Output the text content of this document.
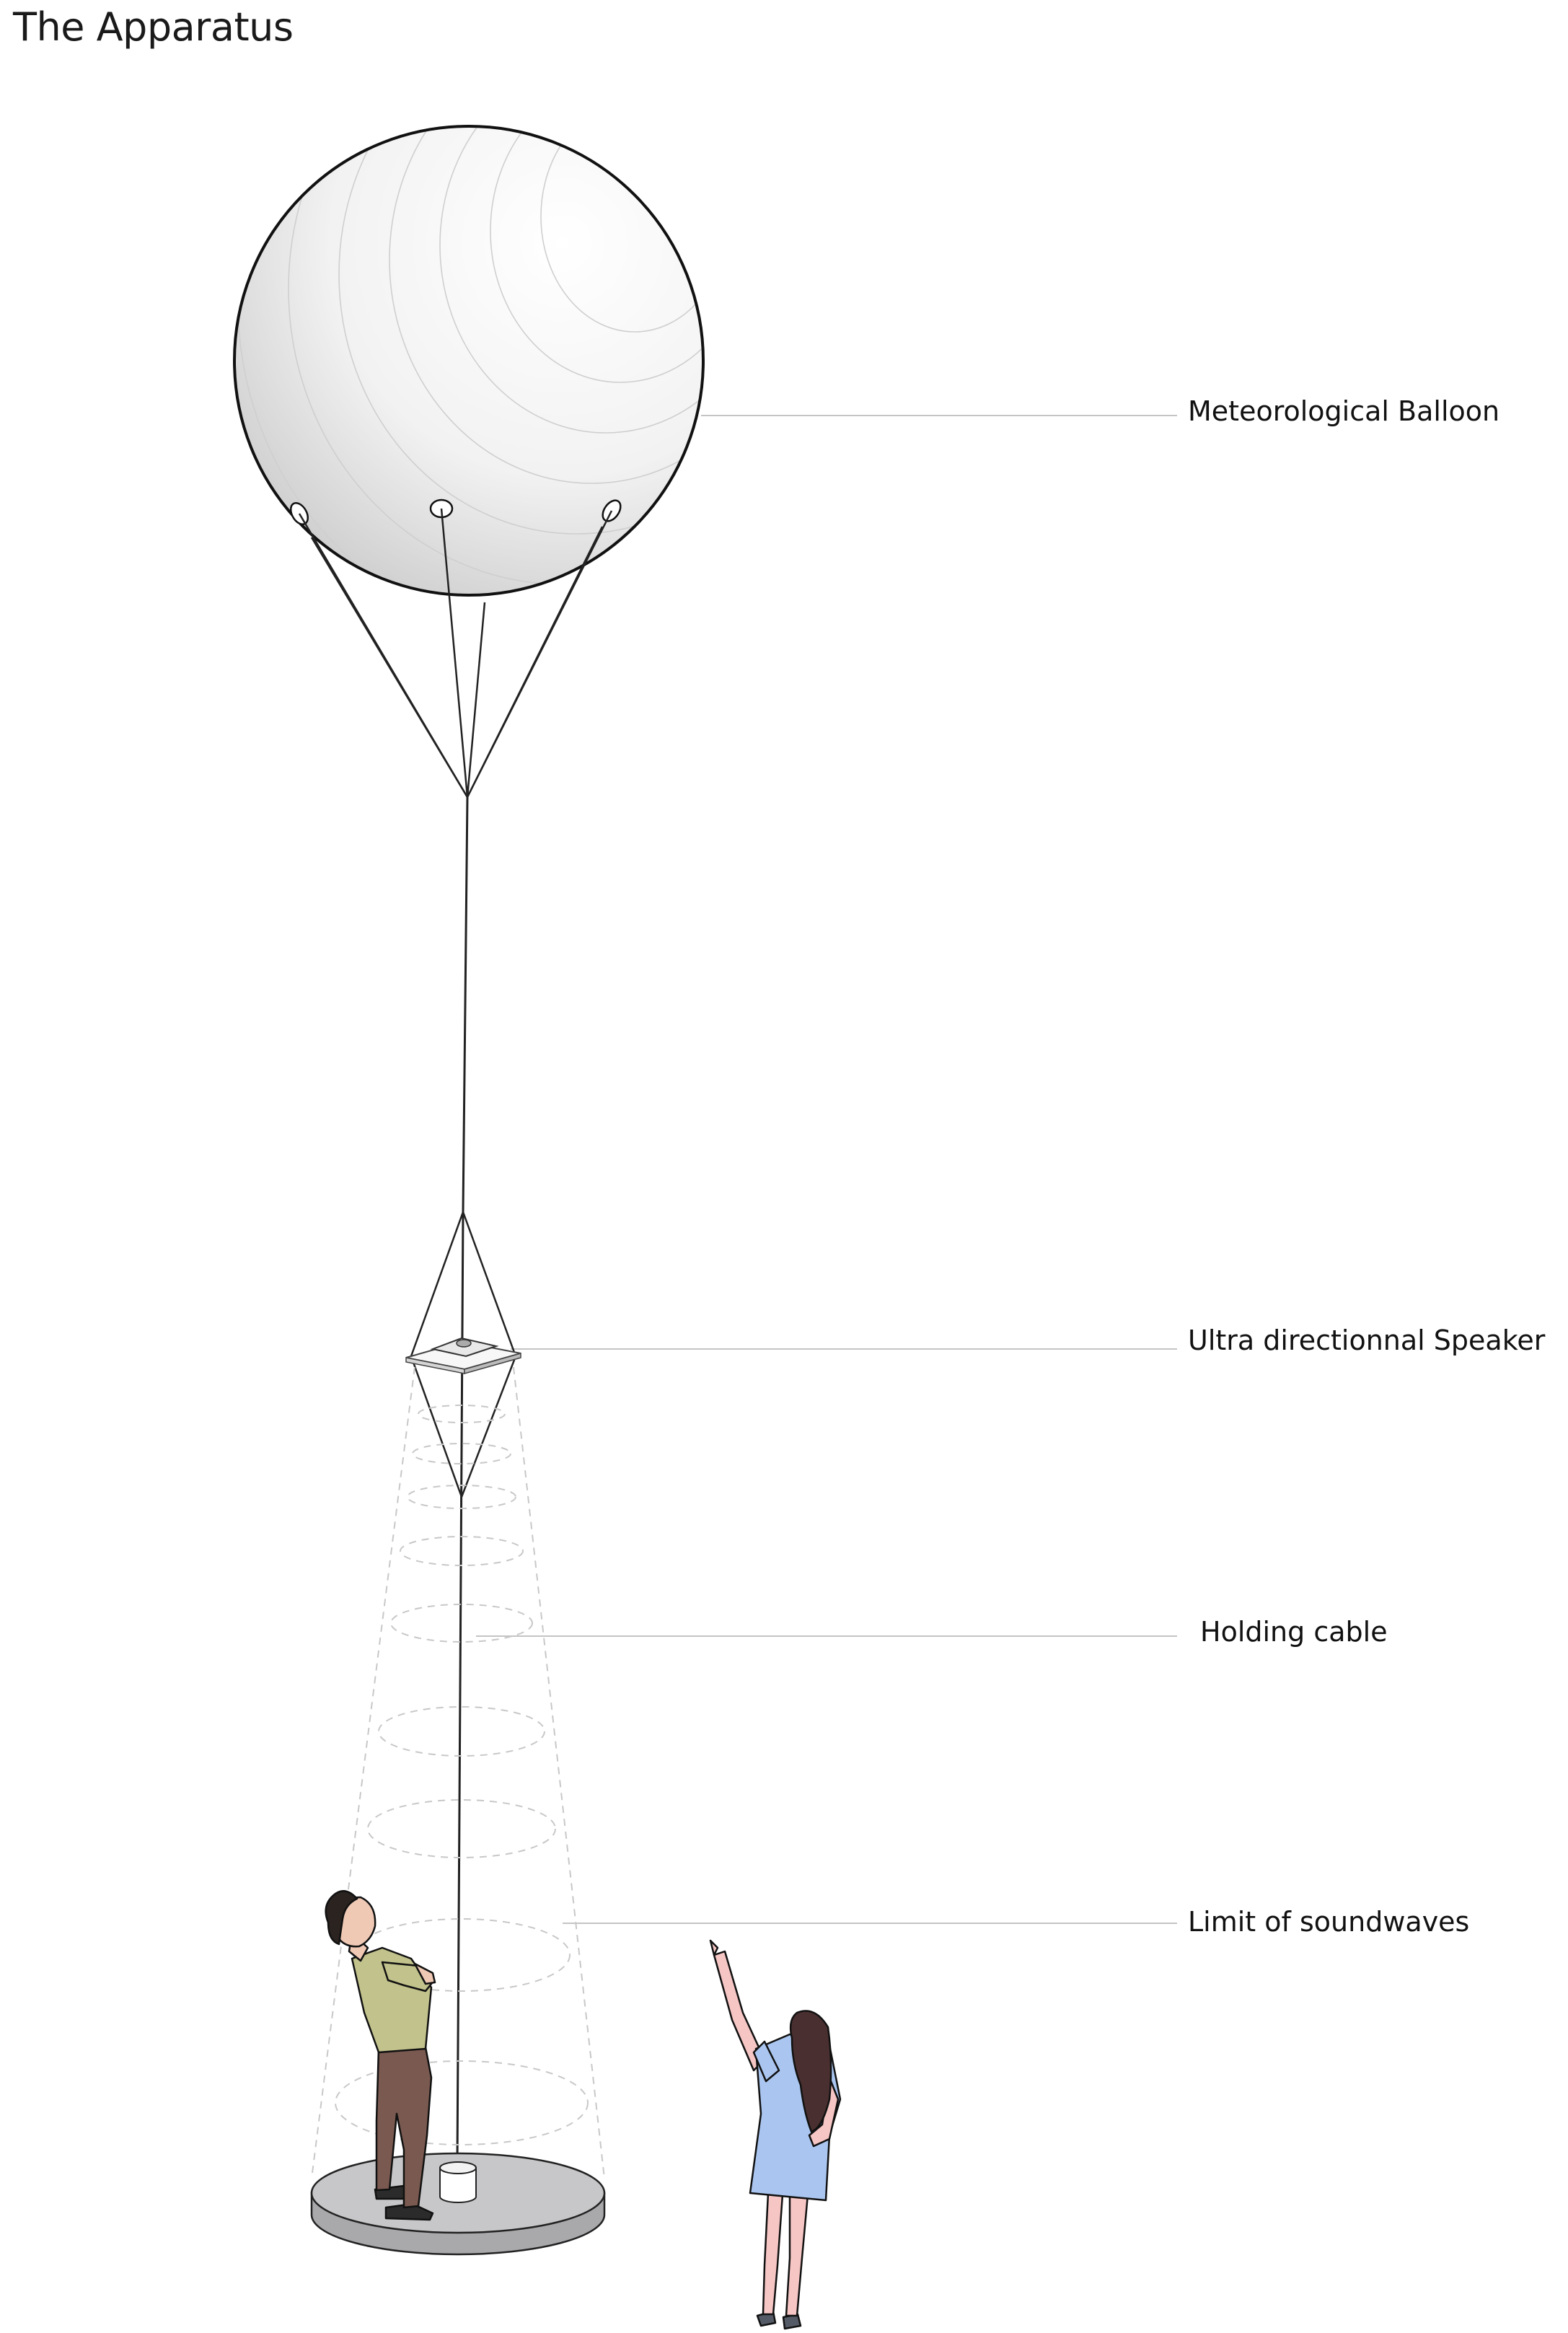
The Apparatus
Meteorological Balloon
Ultra directionnal Speaker
Holding cable
Limit of soundwaves
